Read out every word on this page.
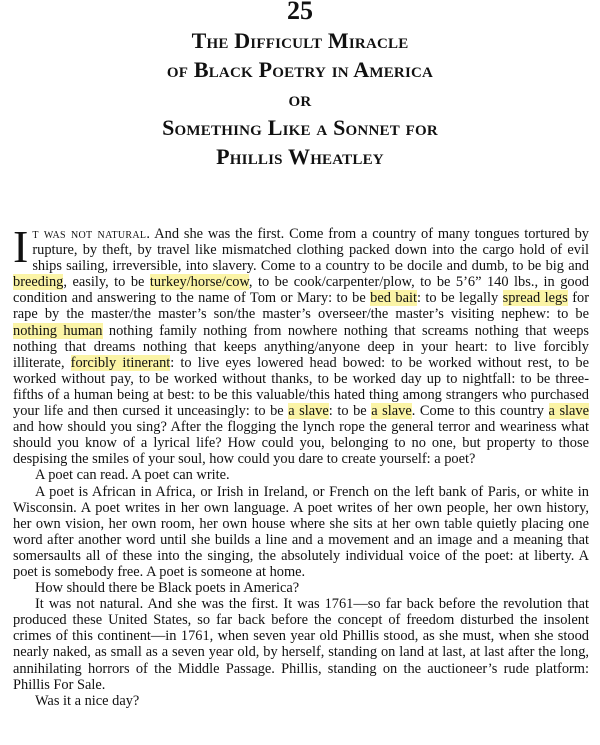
25
The Difficult Miracle
of Black Poetry in America
or
Something Like a Sonnet for
Phillis Wheatley

It was not natural. And she was the first. Come from a country of many tongues tortured by rupture, by theft, by travel like mismatched clothing packed down into the cargo hold of evil ships sailing, irreversible, into slavery. Come to a country to be docile and dumb, to be big and breeding, easily, to be turkey/horse/cow, to be cook/carpenter/plow, to be 5’6” 140 lbs., in good condition and answering to the name of Tom or Mary: to be bed bait: to be legally spread legs for rape by the master/the master’s son/the master’s overseer/the master’s visiting nephew: to be nothing human nothing family nothing from nowhere nothing that screams nothing that weeps nothing that dreams nothing that keeps anything/anyone deep in your heart: to live forcibly illiterate, forcibly itinerant: to live eyes lowered head bowed: to be worked without rest, to be worked without pay, to be worked without thanks, to be worked day up to nightfall: to be three-fifths of a human being at best: to be this valuable/this hated thing among strangers who purchased your life and then cursed it unceasingly: to be a slave: to be a slave. Come to this country a slave and how should you sing? After the flogging the lynch rope the general terror and weariness what should you know of a lyrical life? How could you, belonging to no one, but property to those despising the smiles of your soul, how could you dare to create yourself: a poet?

A poet can read. A poet can write.

A poet is African in Africa, or Irish in Ireland, or French on the left bank of Paris, or white in Wisconsin. A poet writes in her own language. A poet writes of her own people, her own history, her own vision, her own room, her own house where she sits at her own table quietly placing one word after another word until she builds a line and a movement and an image and a meaning that somersaults all of these into the singing, the absolutely individual voice of the poet: at liberty. A poet is somebody free. A poet is someone at home.

How should there be Black poets in America?

It was not natural. And she was the first. It was 1761—so far back before the revolution that produced these United States, so far back before the concept of freedom disturbed the insolent crimes of this continent—in 1761, when seven year old Phillis stood, as she must, when she stood nearly naked, as small as a seven year old, by herself, standing on land at last, at last after the long, annihilating horrors of the Middle Passage. Phillis, standing on the auctioneer’s rude platform: Phillis For Sale.

Was it a nice day?
